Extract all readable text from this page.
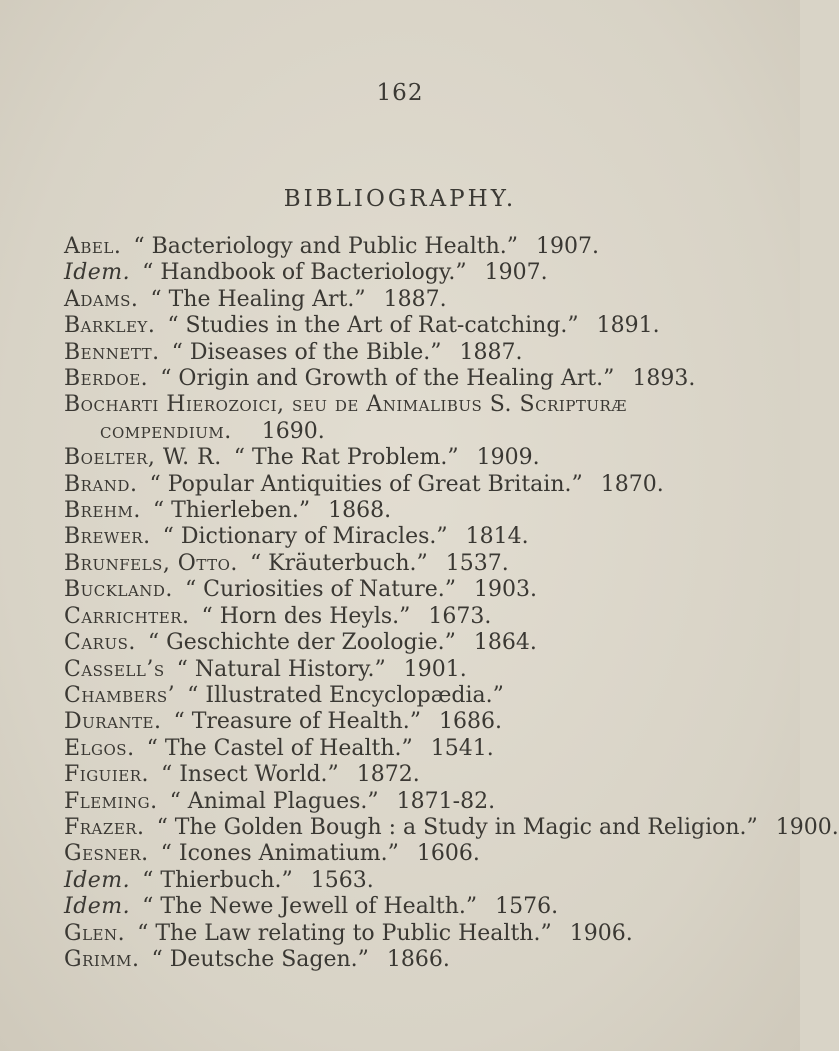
162
BIBLIOGRAPHY.
Abel. “ Bacteriology and Public Health.” 1907.
Idem. “ Handbook of Bacteriology.” 1907.
Adams. “ The Healing Art.” 1887.
Barkley. “ Studies in the Art of Rat-catching.” 1891.
Bennett. “ Diseases of the Bible.” 1887.
Berdoe. “ Origin and Growth of the Healing Art.” 1893.
Bocharti Hierozoici, seu de Animalibus S. Scripturæ compendium. 1690.
Boelter, W. R. “ The Rat Problem.” 1909.
Brand. “ Popular Antiquities of Great Britain.” 1870.
Brehm. “ Thierleben.” 1868.
Brewer. “ Dictionary of Miracles.” 1814.
Brunfels, Otto. “ Kräuterbuch.” 1537.
Buckland. “ Curiosities of Nature.” 1903.
Carrichter. “ Horn des Heyls.” 1673.
Carus. “ Geschichte der Zoologie.” 1864.
Cassell’s “ Natural History.” 1901.
Chambers’ “ Illustrated Encyclopædia.”
Durante. “ Treasure of Health.” 1686.
Elgos. “ The Castel of Health.” 1541.
Figuier. “ Insect World.” 1872.
Fleming. “ Animal Plagues.” 1871-82.
Frazer. “ The Golden Bough : a Study in Magic and Religion.” 1900.
Gesner. “ Icones Animatium.” 1606.
Idem. “ Thierbuch.” 1563.
Idem. “ The Newe Jewell of Health.” 1576.
Glen. “ The Law relating to Public Health.” 1906.
Grimm. “ Deutsche Sagen.” 1866.
